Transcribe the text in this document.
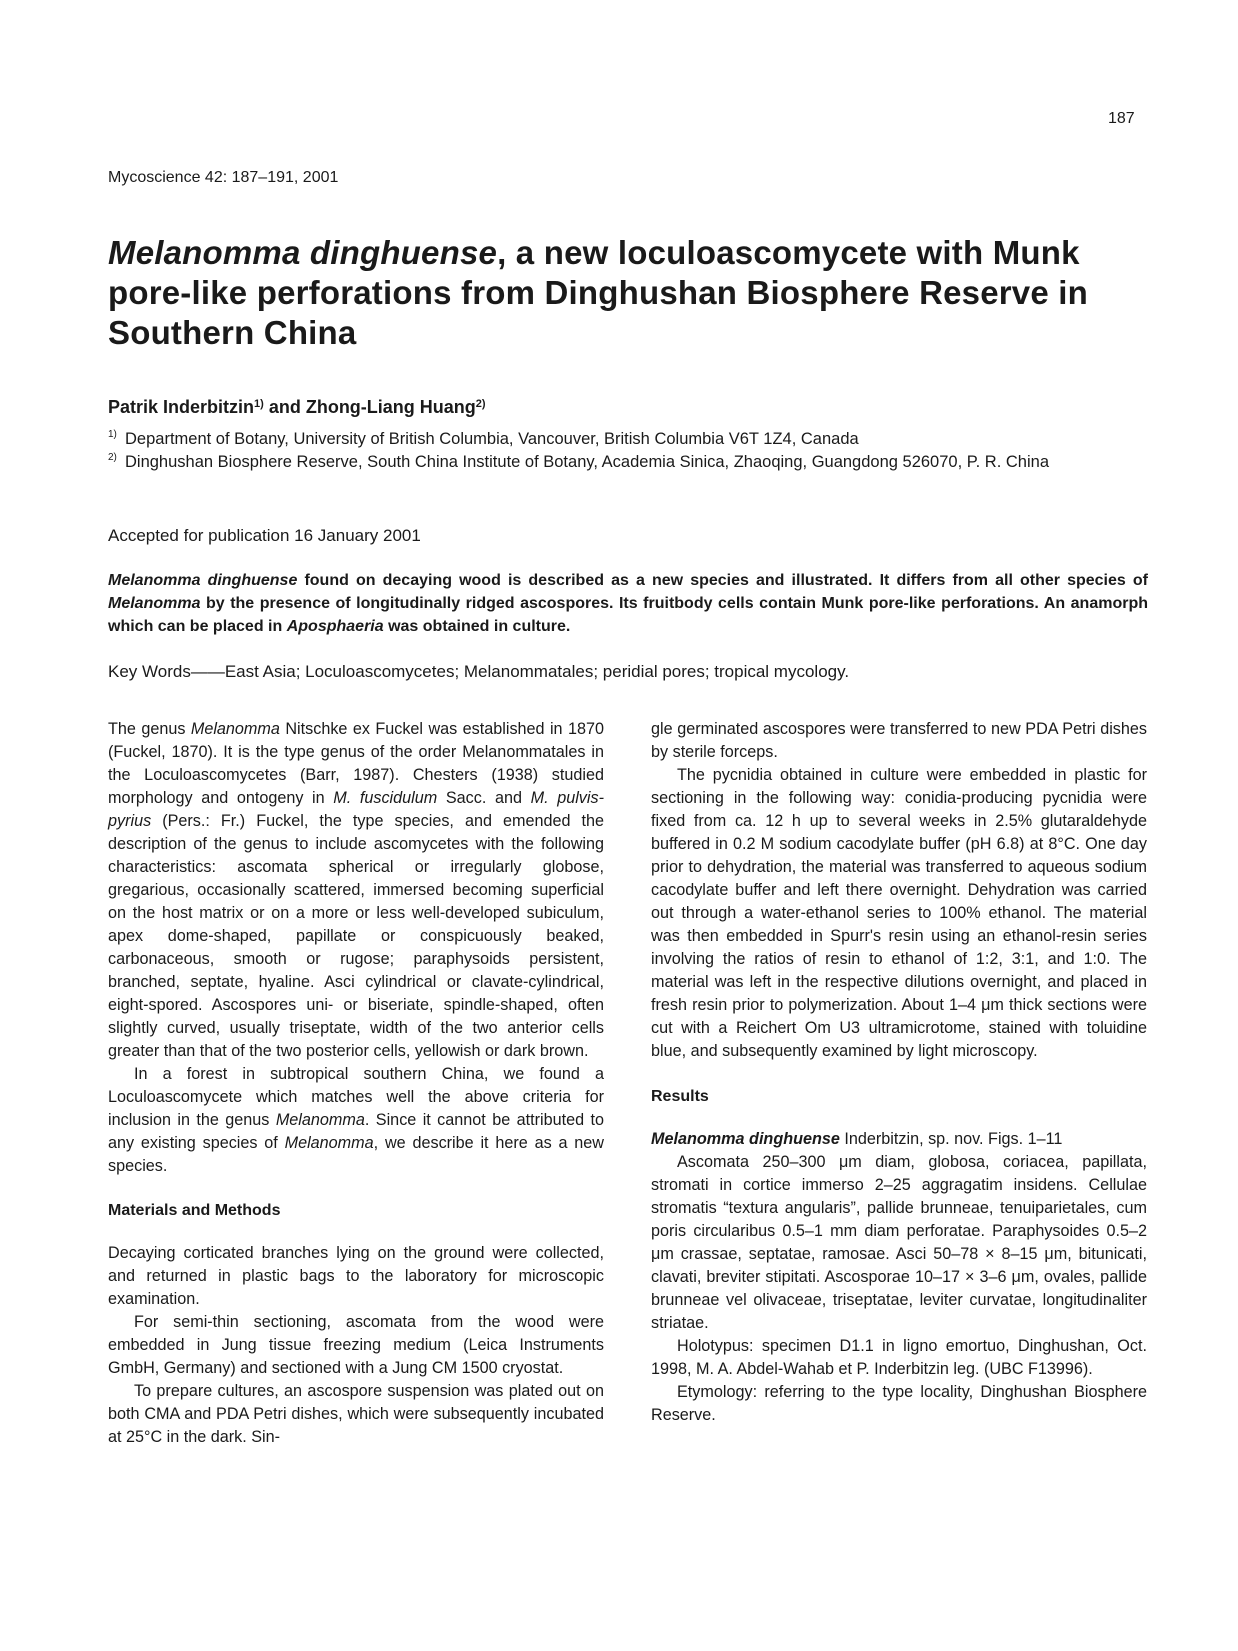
187
Mycoscience 42: 187–191, 2001
Melanomma dinghuense, a new loculoascomycete with Munk pore-like perforations from Dinghushan Biosphere Reserve in Southern China
Patrik Inderbitzin$^{1)}$ and Zhong-Liang Huang$^{2)}$
1) Department of Botany, University of British Columbia, Vancouver, British Columbia V6T 1Z4, Canada
2) Dinghushan Biosphere Reserve, South China Institute of Botany, Academia Sinica, Zhaoqing, Guangdong 526070, P. R. China
Accepted for publication 16 January 2001
Melanomma dinghuense found on decaying wood is described as a new species and illustrated. It differs from all other species of Melanomma by the presence of longitudinally ridged ascospores. Its fruitbody cells contain Munk pore-like perforations. An anamorph which can be placed in Aposphaeria was obtained in culture.
Key Words——East Asia; Loculoascomycetes; Melanommatales; peridial pores; tropical mycology.

The genus Melanomma Nitschke ex Fuckel was established in 1870 (Fuckel, 1870). It is the type genus of the order Melanommatales in the Loculoascomycetes (Barr, 1987). Chesters (1938) studied morphology and ontogeny in M. fuscidulum Sacc. and M. pulvis-pyrius (Pers.: Fr.) Fuckel, the type species, and emended the description of the genus to include ascomycetes with the following characteristics: ascomata spherical or irregularly globose, gregarious, occasionally scattered, immersed becoming superficial on the host matrix or on a more or less well-developed subiculum, apex dome-shaped, papillate or conspicuously beaked, carbonaceous, smooth or rugose; paraphysoids persistent, branched, septate, hyaline. Asci cylindrical or clavate-cylindrical, eight-spored. Ascospores uni- or biseriate, spindle-shaped, often slightly curved, usually triseptate, width of the two anterior cells greater than that of the two posterior cells, yellowish or dark brown.

In a forest in subtropical southern China, we found a Loculoascomycete which matches well the above criteria for inclusion in the genus Melanomma. Since it cannot be attributed to any existing species of Melanomma, we describe it here as a new species.

Materials and Methods

Decaying corticated branches lying on the ground were collected, and returned in plastic bags to the laboratory for microscopic examination.

For semi-thin sectioning, ascomata from the wood were embedded in Jung tissue freezing medium (Leica Instruments GmbH, Germany) and sectioned with a Jung CM 1500 cryostat.

To prepare cultures, an ascospore suspension was plated out on both CMA and PDA Petri dishes, which were subsequently incubated at 25°C in the dark. Sin-

gle germinated ascospores were transferred to new PDA Petri dishes by sterile forceps.

The pycnidia obtained in culture were embedded in plastic for sectioning in the following way: conidia-producing pycnidia were fixed from ca. 12 h up to several weeks in 2.5% glutaraldehyde buffered in 0.2 M sodium cacodylate buffer (pH 6.8) at 8°C. One day prior to dehydration, the material was transferred to aqueous sodium cacodylate buffer and left there overnight. Dehydration was carried out through a water-ethanol series to 100% ethanol. The material was then embedded in Spurr's resin using an ethanol-resin series involving the ratios of resin to ethanol of 1:2, 3:1, and 1:0. The material was left in the respective dilutions overnight, and placed in fresh resin prior to polymerization. About 1–4 μm thick sections were cut with a Reichert Om U3 ultramicrotome, stained with toluidine blue, and subsequently examined by light microscopy.

Results

Melanomma dinghuense Inderbitzin, sp. nov. Figs. 1–11

Ascomata 250–300 μm diam, globosa, coriacea, papillata, stromati in cortice immerso 2–25 aggragatim insidens. Cellulae stromatis “textura angularis”, pallide brunneae, tenuiparietales, cum poris circularibus 0.5–1 mm diam perforatae. Paraphysoides 0.5–2 μm crassae, septatae, ramosae. Asci 50–78 × 8–15 μm, bitunicati, clavati, breviter stipitati. Ascosporae 10–17 × 3–6 μm, ovales, pallide brunneae vel olivaceae, triseptatae, leviter curvatae, longitudinaliter striatae.

Holotypus: specimen D1.1 in ligno emortuo, Dinghushan, Oct. 1998, M. A. Abdel-Wahab et P. Inderbitzin leg. (UBC F13996).

Etymology: referring to the type locality, Dinghushan Biosphere Reserve.
